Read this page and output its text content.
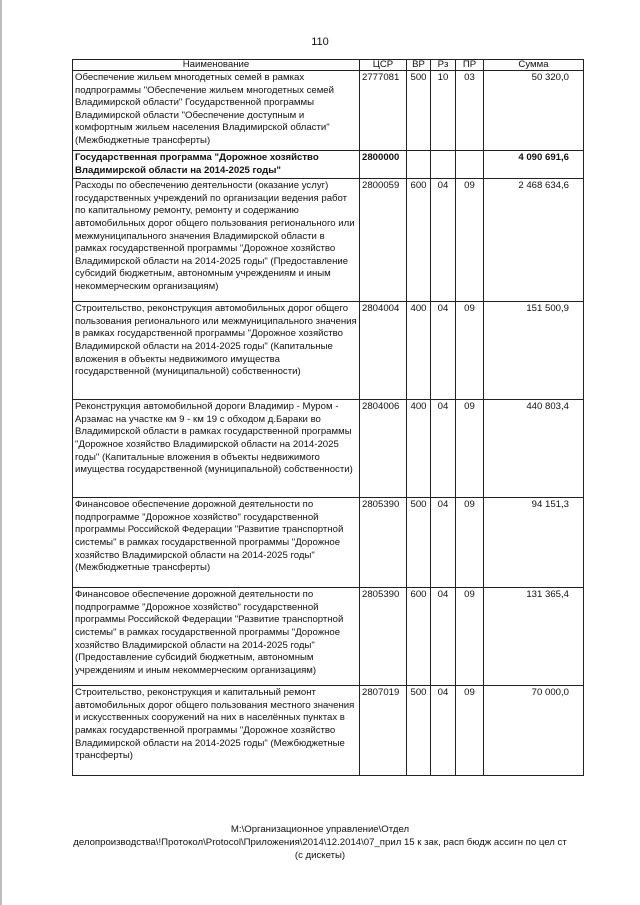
110
Наименование	ЦСР	ВР	Рз	ПР	Сумма
Обеспечение жильем многодетных семей в рамках подпрограммы "Обеспечение жильем многодетных семей Владимирской области" Государственной программы Владимирской области "Обеспечение доступным и комфортным жильем населения Владимирской области" (Межбюджетные трансферты)	2777081	500	10	03	50 320,0
Государственная программа "Дорожное хозяйство Владимирской области на 2014-2025 годы"	2800000				4 090 691,6
Расходы по обеспечению деятельности (оказание услуг) государственных учреждений по организации ведения работ по капитальному ремонту, ремонту и содержанию автомобильных дорог общего пользования регионального или межмуниципального значения Владимирской области в рамках государственной программы "Дорожное хозяйство Владимирской области на 2014-2025 годы" (Предоставление субсидий бюджетным, автономным учреждениям и иным некоммерческим организациям)	2800059	600	04	09	2 468 634,6
Строительство, реконструкция автомобильных дорог общего пользования регионального или межмуниципального значения в рамках государственной программы "Дорожное хозяйство Владимирской области на 2014-2025 годы" (Капитальные вложения в объекты недвижимого имущества государственной (муниципальной) собственности)	2804004	400	04	09	151 500,9
Реконструкция автомобильной дороги Владимир - Муром - Арзамас на участке км 9 - км 19 с обходом д.Бараки во Владимирской области в рамках государственной программы "Дорожное хозяйство Владимирской области на 2014-2025 годы" (Капитальные вложения в объекты недвижимого имущества государственной (муниципальной) собственности)	2804006	400	04	09	440 803,4
Финансовое обеспечение дорожной деятельности по подпрограмме "Дорожное хозяйство" государственной программы Российской Федерации "Развитие транспортной системы" в рамках государственной программы "Дорожное хозяйство Владимирской области на 2014-2025 годы" (Межбюджетные трансферты)	2805390	500	04	09	94 151,3
Финансовое обеспечение дорожной деятельности по подпрограмме "Дорожное хозяйство" государственной программы Российской Федерации "Развитие транспортной системы" в рамках государственной программы "Дорожное хозяйство Владимирской области на 2014-2025 годы" (Предоставление субсидий бюджетным, автономным учреждениям и иным некоммерческим организациям)	2805390	600	04	09	131 365,4
Строительство, реконструкция и капитальный ремонт автомобильных дорог общего пользования местного значения и искусственных сооружений на них в населённых пунктах в рамках государственной программы "Дорожное хозяйство Владимирской области на 2014-2025 годы" (Межбюджетные трансферты)	2807019	500	04	09	70 000,0
М:\Организационное управление\Отдел
делопроизводства\!Протокол\Protocol\Приложения\2014\12.2014\07_прил 15 к зак, расп бюдж ассигн по цел ст
(с дискеты)
